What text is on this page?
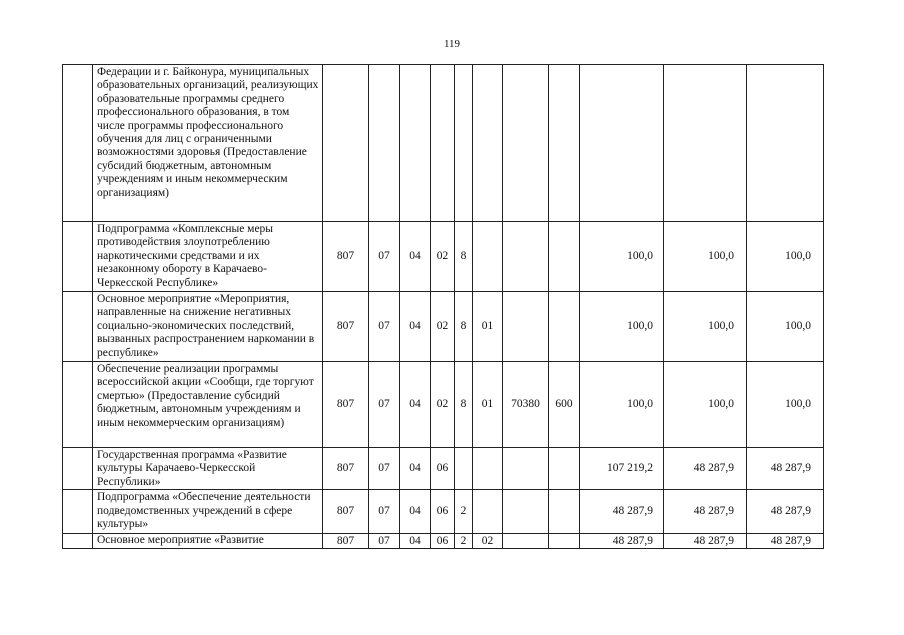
119
	Федерации и г. Байконура, муниципальных образовательных организаций, реализующих образовательные программы среднего профессионального образования, в том числе программы профессионального обучения для лиц с ограниченными возможностями здоровья (Предоставление субсидий бюджетным, автономным учреждениям и иным некоммерческим организациям)											
	Подпрограмма «Комплексные меры противодействия злоупотреблению наркотическими средствами и их незаконному обороту в Карачаево-Черкесской Республике»	807	07	04	02	8				100,0	100,0	100,0
	Основное мероприятие «Мероприятия, направленные на снижение негативных социально-экономических последствий, вызванных распространением наркомании в республике»	807	07	04	02	8	01			100,0	100,0	100,0
	Обеспечение реализации программы всероссийской акции «Сообщи, где торгуют смертью» (Предоставление субсидий бюджетным, автономным учреждениям и иным некоммерческим организациям)	807	07	04	02	8	01	70380	600	100,0	100,0	100,0
	Государственная программа «Развитие культуры Карачаево-Черкесской Республики»	807	07	04	06					107 219,2	48 287,9	48 287,9
	Подпрограмма «Обеспечение деятельности подведомственных учреждений в сфере культуры»	807	07	04	06	2				48 287,9	48 287,9	48 287,9
	Основное мероприятие «Развитие	807	07	04	06	2	02			48 287,9	48 287,9	48 287,9
